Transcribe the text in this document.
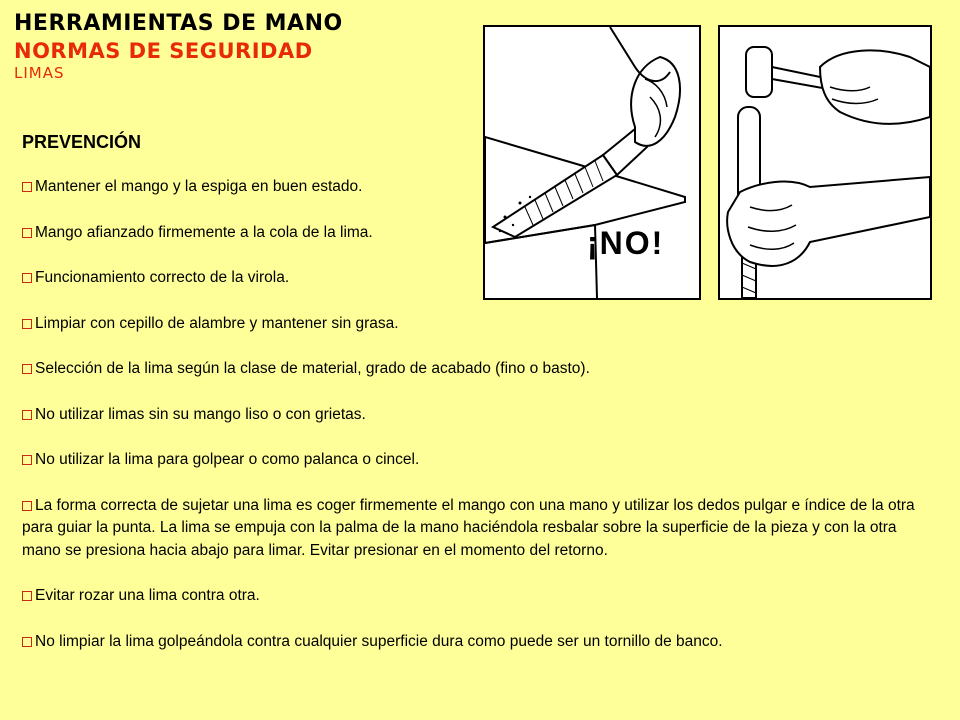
HERRAMIENTAS DE MANO
NORMAS DE SEGURIDAD
LIMAS
PREVENCIÓN

Mantener el mango y la espiga en buen estado.

Mango afianzado firmemente a la cola de la lima.

Funcionamiento correcto de la virola.

Limpiar con cepillo de alambre y mantener sin grasa.

Selección de la lima según la clase de material, grado de acabado (fino o basto).

No utilizar limas sin su mango liso o con grietas.

No utilizar la lima para golpear o como palanca o cincel.

La forma correcta de sujetar una lima es coger firmemente el mango con una mano y utilizar los dedos pulgar e índice de la otra para guiar la punta. La lima se empuja con la palma de la mano haciéndola resbalar sobre la superficie de la pieza y con la otra mano se presiona hacia abajo para limar. Evitar presionar en el momento del retorno.

Evitar rozar una lima contra otra.

No limpiar la lima golpeándola contra cualquier superficie dura como puede ser un tornillo de banco.

¡NO!
